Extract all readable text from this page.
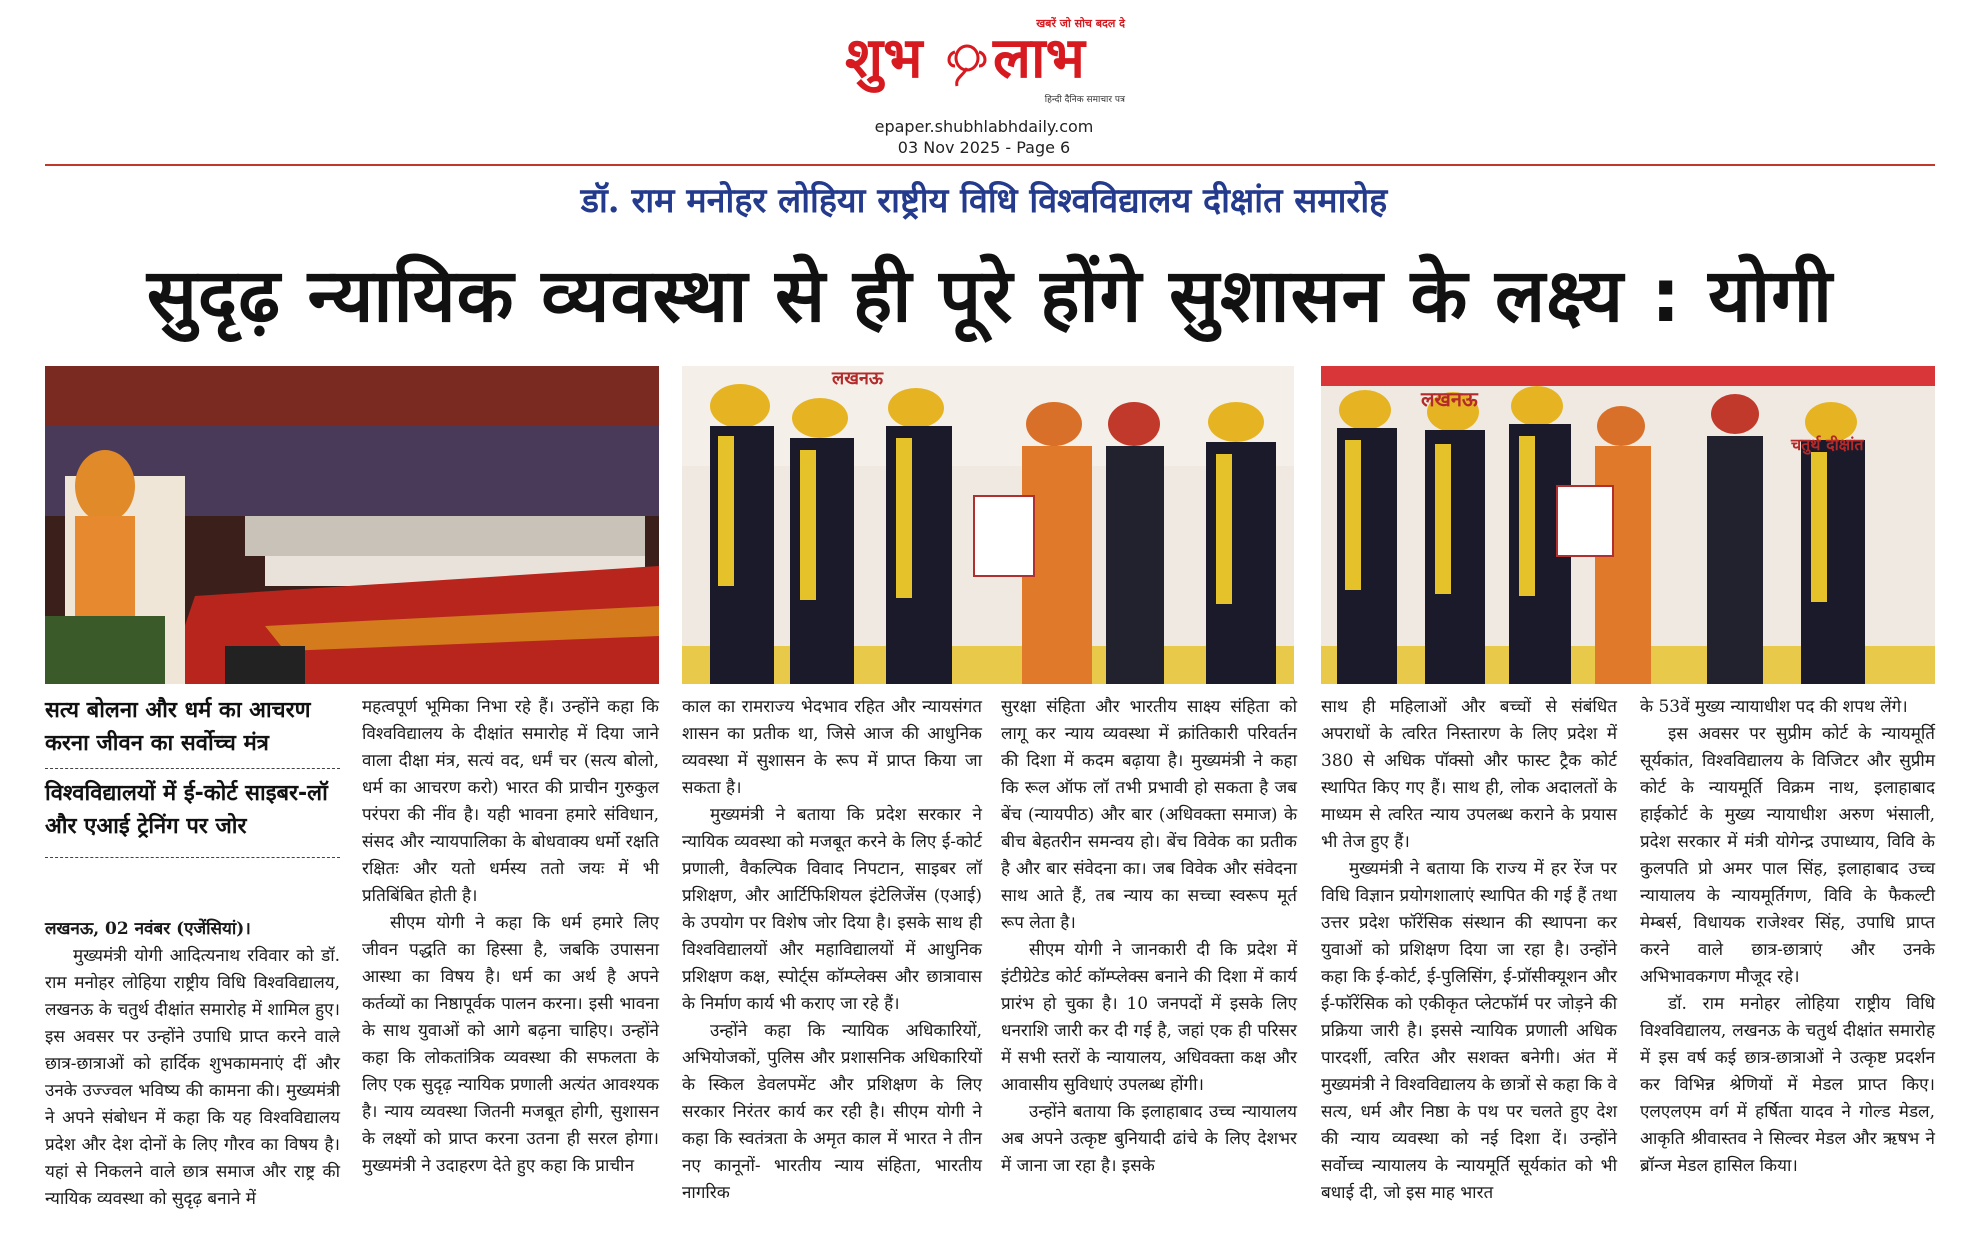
खबरें जो सोच बदल दे
शुभ लाभ
हिन्दी दैनिक समाचार पत्र
epaper.shubhlabhdaily.com
03 Nov 2025 - Page 6
डॉ. राम मनोहर लोहिया राष्ट्रीय विधि विश्वविद्यालय दीक्षांत समारोह
सुदृढ़ न्यायिक व्यवस्था से ही पूरे होंगे सुशासन के लक्ष्य : योगी
लखनऊ
लखनऊ
चतुर्थ दीक्षांत
सत्य बोलना और धर्म का आचरण करना जीवन का सर्वोच्च मंत्र
विश्वविद्यालयों में ई-कोर्ट साइबर-लॉ और एआई ट्रेनिंग पर जोर

लखनऊ, 02 नवंबर (एजेंसियां)।

मुख्यमंत्री योगी आदित्यनाथ रविवार को डॉ. राम मनोहर लोहिया राष्ट्रीय विधि विश्वविद्यालय, लखनऊ के चतुर्थ दीक्षांत समारोह में शामिल हुए। इस अवसर पर उन्होंने उपाधि प्राप्त करने वाले छात्र-छात्राओं को हार्दिक शुभकामनाएं दीं और उनके उज्ज्वल भविष्य की कामना की। मुख्यमंत्री ने अपने संबोधन में कहा कि यह विश्वविद्यालय प्रदेश और देश दोनों के लिए गौरव का विषय है। यहां से निकलने वाले छात्र समाज और राष्ट्र की न्यायिक व्यवस्था को सुदृढ़ बनाने में

महत्वपूर्ण भूमिका निभा रहे हैं। उन्होंने कहा कि विश्वविद्यालय के दीक्षांत समारोह में दिया जाने वाला दीक्षा मंत्र, सत्यं वद, धर्मं चर (सत्य बोलो, धर्म का आचरण करो) भारत की प्राचीन गुरुकुल परंपरा की नींव है। यही भावना हमारे संविधान, संसद और न्यायपालिका के बोधवाक्य धर्मो रक्षति रक्षितः और यतो धर्मस्य ततो जयः में भी प्रतिबिंबित होती है।

सीएम योगी ने कहा कि धर्म हमारे लिए जीवन पद्धति का हिस्सा है, जबकि उपासना आस्था का विषय है। धर्म का अर्थ है अपने कर्तव्यों का निष्ठापूर्वक पालन करना। इसी भावना के साथ युवाओं को आगे बढ़ना चाहिए। उन्होंने कहा कि लोकतांत्रिक व्यवस्था की सफलता के लिए एक सुदृढ़ न्यायिक प्रणाली अत्यंत आवश्यक है। न्याय व्यवस्था जितनी मजबूत होगी, सुशासन के लक्ष्यों को प्राप्त करना उतना ही सरल होगा। मुख्यमंत्री ने उदाहरण देते हुए कहा कि प्राचीन

काल का रामराज्य भेदभाव रहित और न्यायसंगत शासन का प्रतीक था, जिसे आज की आधुनिक व्यवस्था में सुशासन के रूप में प्राप्त किया जा सकता है।

मुख्यमंत्री ने बताया कि प्रदेश सरकार ने न्यायिक व्यवस्था को मजबूत करने के लिए ई-कोर्ट प्रणाली, वैकल्पिक विवाद निपटान, साइबर लॉ प्रशिक्षण, और आर्टिफिशियल इंटेलिजेंस (एआई) के उपयोग पर विशेष जोर दिया है। इसके साथ ही विश्वविद्यालयों और महाविद्यालयों में आधुनिक प्रशिक्षण कक्ष, स्पोर्ट्स कॉम्प्लेक्स और छात्रावास के निर्माण कार्य भी कराए जा रहे हैं।

उन्होंने कहा कि न्यायिक अधिकारियों, अभियोजकों, पुलिस और प्रशासनिक अधिकारियों के स्किल डेवलपमेंट और प्रशिक्षण के लिए सरकार निरंतर कार्य कर रही है। सीएम योगी ने कहा कि स्वतंत्रता के अमृत काल में भारत ने तीन नए कानूनों- भारतीय न्याय संहिता, भारतीय नागरिक

सुरक्षा संहिता और भारतीय साक्ष्य संहिता को लागू कर न्याय व्यवस्था में क्रांतिकारी परिवर्तन की दिशा में कदम बढ़ाया है। मुख्यमंत्री ने कहा कि रूल ऑफ लॉ तभी प्रभावी हो सकता है जब बेंच (न्यायपीठ) और बार (अधिवक्ता समाज) के बीच बेहतरीन समन्वय हो। बेंच विवेक का प्रतीक है और बार संवेदना का। जब विवेक और संवेदना साथ आते हैं, तब न्याय का सच्चा स्वरूप मूर्त रूप लेता है।

सीएम योगी ने जानकारी दी कि प्रदेश में इंटीग्रेटेड कोर्ट कॉम्प्लेक्स बनाने की दिशा में कार्य प्रारंभ हो चुका है। 10 जनपदों में इसके लिए धनराशि जारी कर दी गई है, जहां एक ही परिसर में सभी स्तरों के न्यायालय, अधिवक्ता कक्ष और आवासीय सुविधाएं उपलब्ध होंगी।

उन्होंने बताया कि इलाहाबाद उच्च न्यायालय अब अपने उत्कृष्ट बुनियादी ढांचे के लिए देशभर में जाना जा रहा है। इसके

साथ ही महिलाओं और बच्चों से संबंधित अपराधों के त्वरित निस्तारण के लिए प्रदेश में 380 से अधिक पॉक्सो और फास्ट ट्रैक कोर्ट स्थापित किए गए हैं। साथ ही, लोक अदालतों के माध्यम से त्वरित न्याय उपलब्ध कराने के प्रयास भी तेज हुए हैं।

मुख्यमंत्री ने बताया कि राज्य में हर रेंज पर विधि विज्ञान प्रयोगशालाएं स्थापित की गई हैं तथा उत्तर प्रदेश फॉरेंसिक संस्थान की स्थापना कर युवाओं को प्रशिक्षण दिया जा रहा है। उन्होंने कहा कि ई-कोर्ट, ई-पुलिसिंग, ई-प्रॉसीक्यूशन और ई-फॉरेंसिक को एकीकृत प्लेटफॉर्म पर जोड़ने की प्रक्रिया जारी है। इससे न्यायिक प्रणाली अधिक पारदर्शी, त्वरित और सशक्त बनेगी। अंत में मुख्यमंत्री ने विश्वविद्यालय के छात्रों से कहा कि वे सत्य, धर्म और निष्ठा के पथ पर चलते हुए देश की न्याय व्यवस्था को नई दिशा दें। उन्होंने सर्वोच्च न्यायालय के न्यायमूर्ति सूर्यकांत को भी बधाई दी, जो इस माह भारत

के 53वें मुख्य न्यायाधीश पद की शपथ लेंगे।

इस अवसर पर सुप्रीम कोर्ट के न्यायमूर्ति सूर्यकांत, विश्वविद्यालय के विजिटर और सुप्रीम कोर्ट के न्यायमूर्ति विक्रम नाथ, इलाहाबाद हाईकोर्ट के मुख्य न्यायाधीश अरुण भंसाली, प्रदेश सरकार में मंत्री योगेन्द्र उपाध्याय, विवि के कुलपति प्रो अमर पाल सिंह, इलाहाबाद उच्च न्यायालय के न्यायमूर्तिगण, विवि के फैकल्टी मेम्बर्स, विधायक राजेश्वर सिंह, उपाधि प्राप्त करने वाले छात्र-छात्राएं और उनके अभिभावकगण मौजूद रहे।

डॉ. राम मनोहर लोहिया राष्ट्रीय विधि विश्वविद्यालय, लखनऊ के चतुर्थ दीक्षांत समारोह में इस वर्ष कई छात्र-छात्राओं ने उत्कृष्ट प्रदर्शन कर विभिन्न श्रेणियों में मेडल प्राप्त किए। एलएलएम वर्ग में हर्षिता यादव ने गोल्ड मेडल, आकृति श्रीवास्तव ने सिल्वर मेडल और ऋषभ ने ब्रॉन्ज मेडल हासिल किया।
